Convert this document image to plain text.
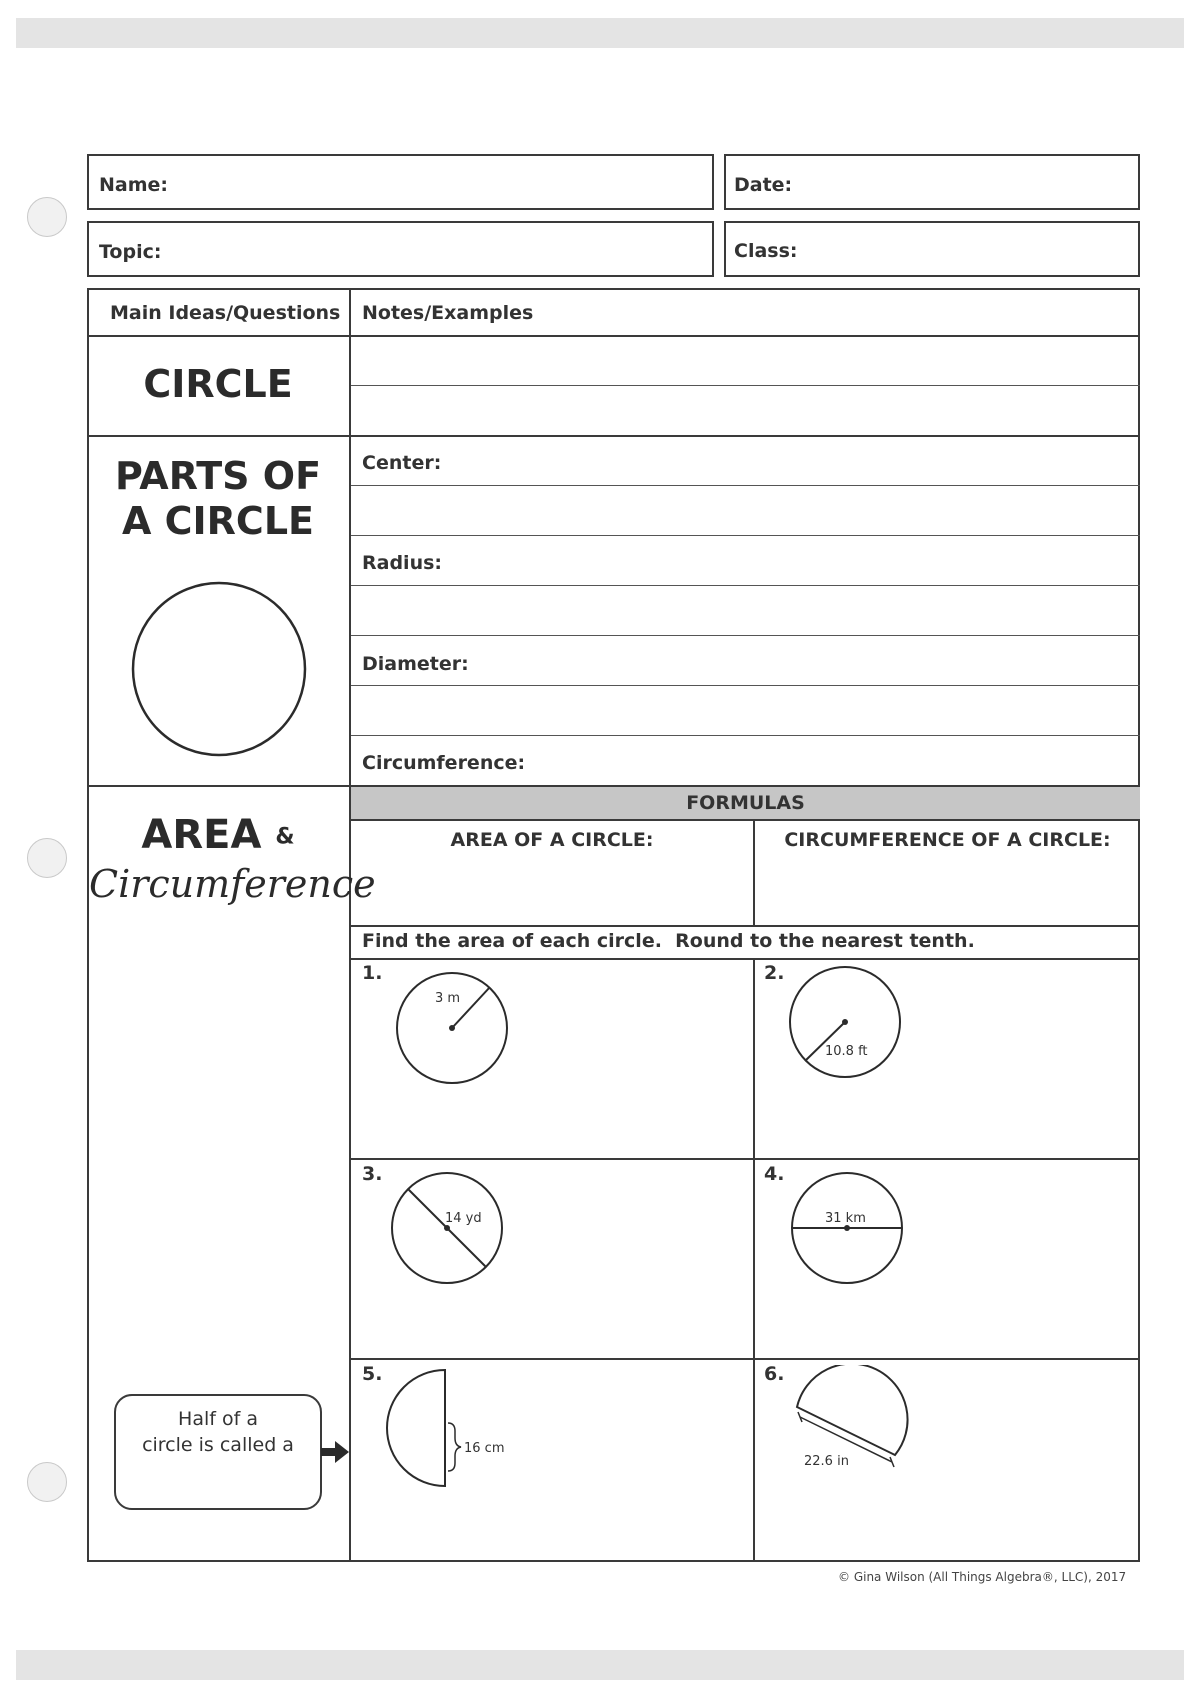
Name:	Date:
Topic:	Class:
Main Ideas/Questions Notes/Examples
CIRCLE
PARTS OF
A CIRCLE
Center:
Radius:
Diameter:
Circumference:
AREA &
Circumference
FORMULAS
AREA OF A CIRCLE:	CIRCUMFERENCE OF A CIRCLE:
Find the area of each circle.  Round to the nearest tenth.
1.	2.
3.	4.
5.	6.
3 m
10.8 ft
14 yd	31 km
16 cm
22.6 in
Half of a
circle is called a
© Gina Wilson (All Things Algebra®, LLC), 2017
